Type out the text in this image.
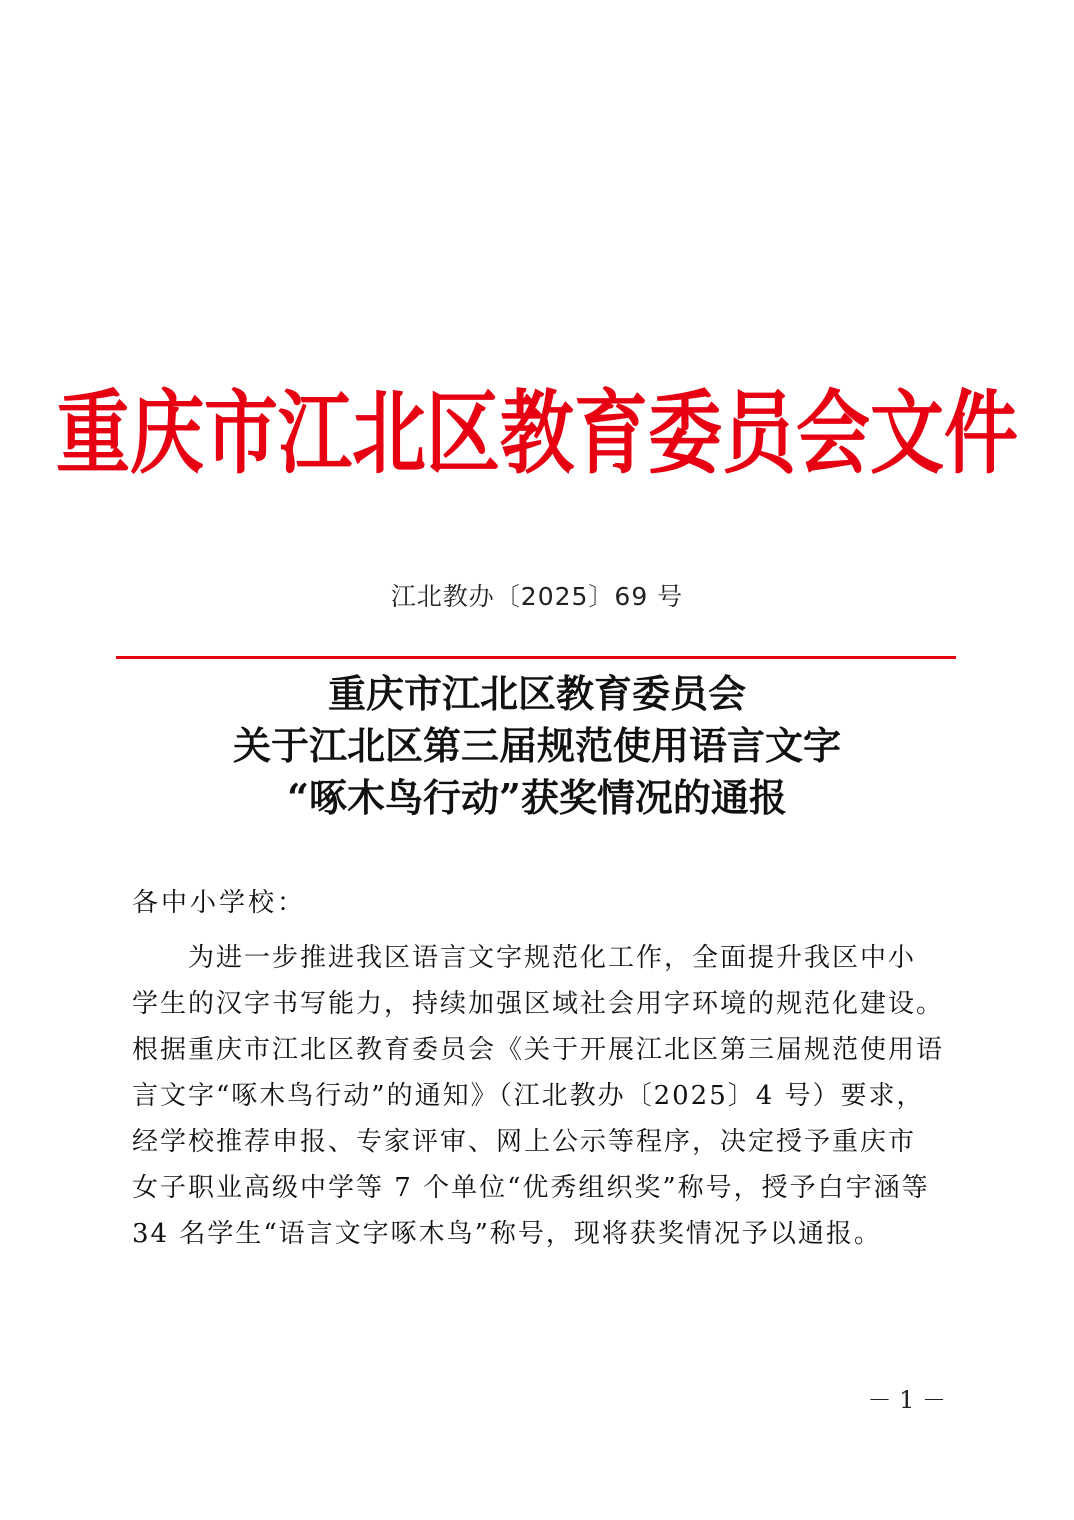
重庆市江北区教育委员会文件
江北教办〔2025〕69 号
重庆市江北区教育委员会
关于江北区第三届规范使用语言文字
“啄木鸟行动”获奖情况的通报
各中小学校：
为进一步推进我区语言文字规范化工作，全面提升我区中小
学生的汉字书写能力，持续加强区域社会用字环境的规范化建设。
根据重庆市江北区教育委员会《关于开展江北区第三届规范使用语
言文字“啄木鸟行动”的通知》（江北教办〔2025〕4 号）要求，
经学校推荐申报、专家评审、网上公示等程序，决定授予重庆市
女子职业高级中学等 7 个单位“优秀组织奖”称号，授予白宇涵等
34 名学生“语言文字啄木鸟”称号，现将获奖情况予以通报。
－ 1 －
